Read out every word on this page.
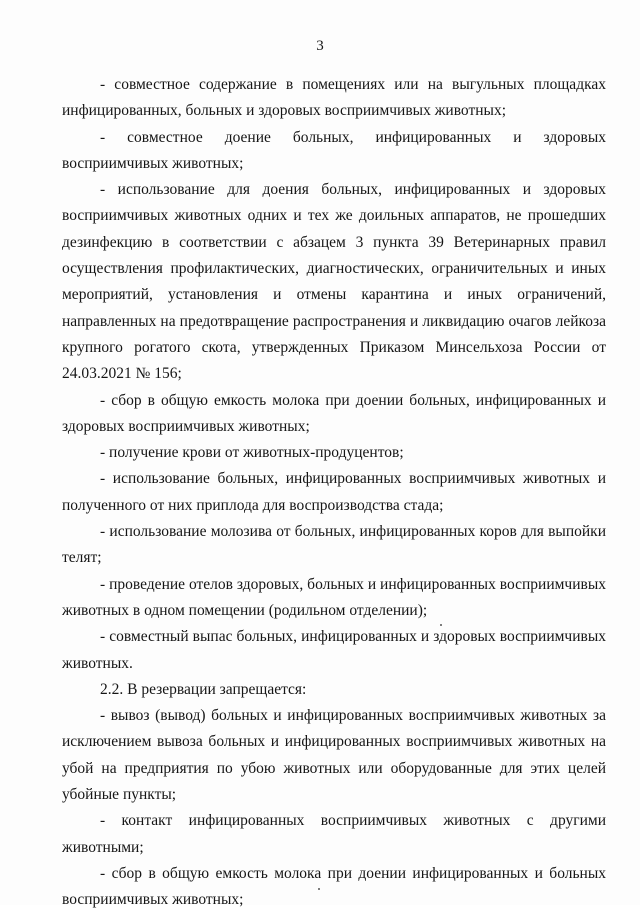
3

- совместное содержание в помещениях или на выгульных площадках инфицированных, больных и здоровых восприимчивых животных;

- совместное доение больных, инфицированных и здоровых восприимчивых животных;

- использование для доения больных, инфицированных и здоровых восприимчивых животных одних и тех же доильных аппаратов, не прошедших дезинфекцию в соответствии с абзацем 3 пункта 39 Ветеринарных правил осуществления профилактических, диагностических, ограничительных и иных мероприятий, установления и отмены карантина и иных ограничений, направленных на предотвращение распространения и ликвидацию очагов лейкоза крупного рогатого скота, утвержденных Приказом Минсельхоза России от 24.03.2021 № 156;

- сбор в общую емкость молока при доении больных, инфицированных и здоровых восприимчивых животных;

- получение крови от животных-продуцентов;

- использование больных, инфицированных восприимчивых животных и полученного от них приплода для воспроизводства стада;

- использование молозива от больных, инфицированных коров для выпойки телят;

- проведение отелов здоровых, больных и инфицированных восприимчивых животных в одном помещении (родильном отделении);

- совместный выпас больных, инфицированных и здоровых восприимчивых животных.

2.2. В резервации запрещается:

- вывоз (вывод) больных и инфицированных восприимчивых животных за исключением вывоза больных и инфицированных восприимчивых животных на убой на предприятия по убою животных или оборудованные для этих целей убойные пункты;

- контакт инфицированных восприимчивых животных с другими животными;

- сбор в общую емкость молока при доении инфицированных и больных восприимчивых животных;
